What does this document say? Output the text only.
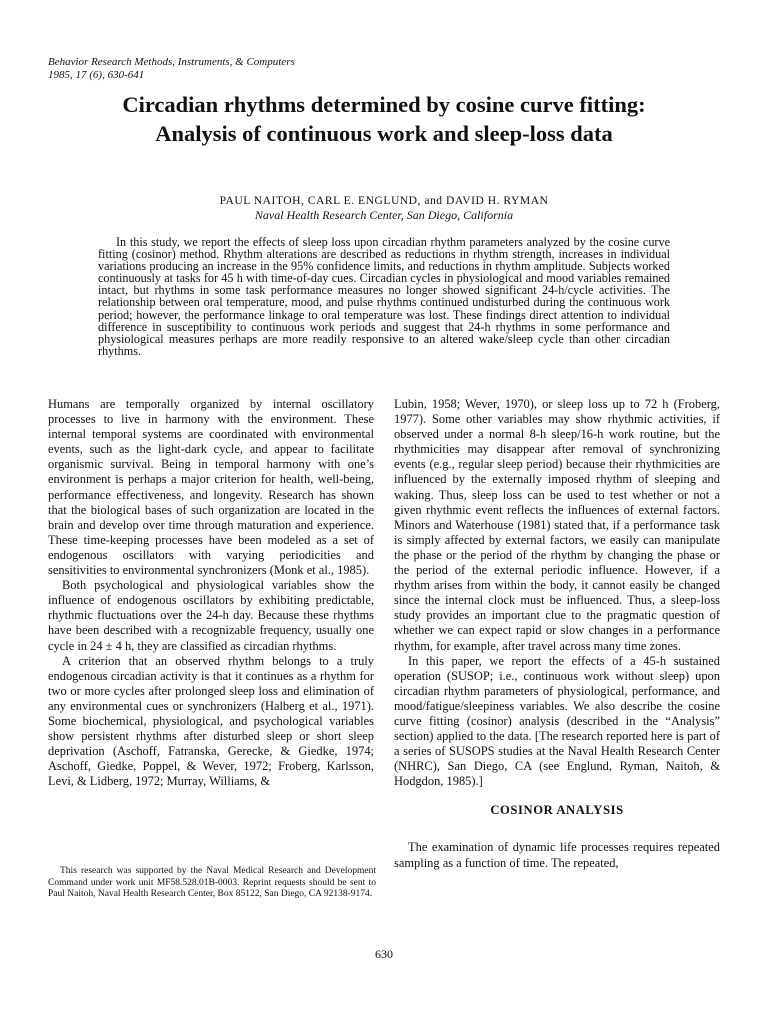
Behavior Research Methods, Instruments, & Computers
1985, 17 (6), 630-641
Circadian rhythms determined by cosine curve fitting: Analysis of continuous work and sleep-loss data
PAUL NAITOH, CARL E. ENGLUND, and DAVID H. RYMAN
Naval Health Research Center, San Diego, California

In this study, we report the effects of sleep loss upon circadian rhythm parameters analyzed by the cosine curve fitting (cosinor) method. Rhythm alterations are described as reductions in rhythm strength, increases in individual variations producing an increase in the 95% confidence limits, and reductions in rhythm amplitude. Subjects worked continuously at tasks for 45 h with time-of-day cues. Circadian cycles in physiological and mood variables remained intact, but rhythms in some task performance measures no longer showed significant 24-h/cycle activities. The relationship between oral temperature, mood, and pulse rhythms continued undisturbed during the continuous work period; however, the performance linkage to oral temperature was lost. These findings direct attention to individual difference in susceptibility to continuous work periods and suggest that 24-h rhythms in some performance and physiological measures perhaps are more readily responsive to an altered wake/sleep cycle than other circadian rhythms.

Humans are temporally organized by internal oscillatory processes to live in harmony with the environment. These internal temporal systems are coordinated with environmental events, such as the light-dark cycle, and appear to facilitate organismic survival. Being in temporal harmony with one’s environment is perhaps a major criterion for health, well-being, performance effectiveness, and longevity. Research has shown that the biological bases of such organization are located in the brain and develop over time through maturation and experience. These time-keeping processes have been modeled as a set of endogenous oscillators with varying periodicities and sensitivities to environmental synchronizers (Monk et al., 1985).

Both psychological and physiological variables show the influence of endogenous oscillators by exhibiting predictable, rhythmic fluctuations over the 24-h day. Because these rhythms have been described with a recognizable frequency, usually one cycle in 24 ± 4 h, they are classified as circadian rhythms.

A criterion that an observed rhythm belongs to a truly endogenous circadian activity is that it continues as a rhythm for two or more cycles after prolonged sleep loss and elimination of any environmental cues or synchronizers (Halberg et al., 1971). Some biochemical, physiological, and psychological variables show persistent rhythms after disturbed sleep or short sleep deprivation (Aschoff, Fatranska, Gerecke, & Giedke, 1974; Aschoff, Giedke, Poppel, & Wever, 1972; Froberg, Karlsson, Levi, & Lidberg, 1972; Murray, Williams, &

Lubin, 1958; Wever, 1970), or sleep loss up to 72 h (Froberg, 1977). Some other variables may show rhythmic activities, if observed under a normal 8-h sleep/16-h work routine, but the rhythmicities may disappear after removal of synchronizing events (e.g., regular sleep period) because their rhythmicities are influenced by the externally imposed rhythm of sleeping and waking. Thus, sleep loss can be used to test whether or not a given rhythmic event reflects the influences of external factors. Minors and Waterhouse (1981) stated that, if a performance task is simply affected by external factors, we easily can manipulate the phase or the period of the rhythm by changing the phase or the period of the external periodic influence. However, if a rhythm arises from within the body, it cannot easily be changed since the internal clock must be influenced. Thus, a sleep-loss study provides an important clue to the pragmatic question of whether we can expect rapid or slow changes in a performance rhythm, for example, after travel across many time zones.

In this paper, we report the effects of a 45-h sustained operation (SUSOP; i.e., continuous work without sleep) upon circadian rhythm parameters of physiological, performance, and mood/fatigue/sleepiness variables. We also describe the cosine curve fitting (cosinor) analysis (described in the “Analysis” section) applied to the data. [The research reported here is part of a series of SUSOPS studies at the Naval Health Research Center (NHRC), San Diego, CA (see Englund, Ryman, Naitoh, & Hodgdon, 1985).]

COSINOR ANALYSIS

The examination of dynamic life processes requires repeated sampling as a function of time. The repeated,

This research was supported by the Naval Medical Research and Development Command under work unit MF58.528.01B-0003. Reprint requests should be sent to Paul Naitoh, Naval Health Research Center, Box 85122, San Diego, CA 92138-9174.

630
